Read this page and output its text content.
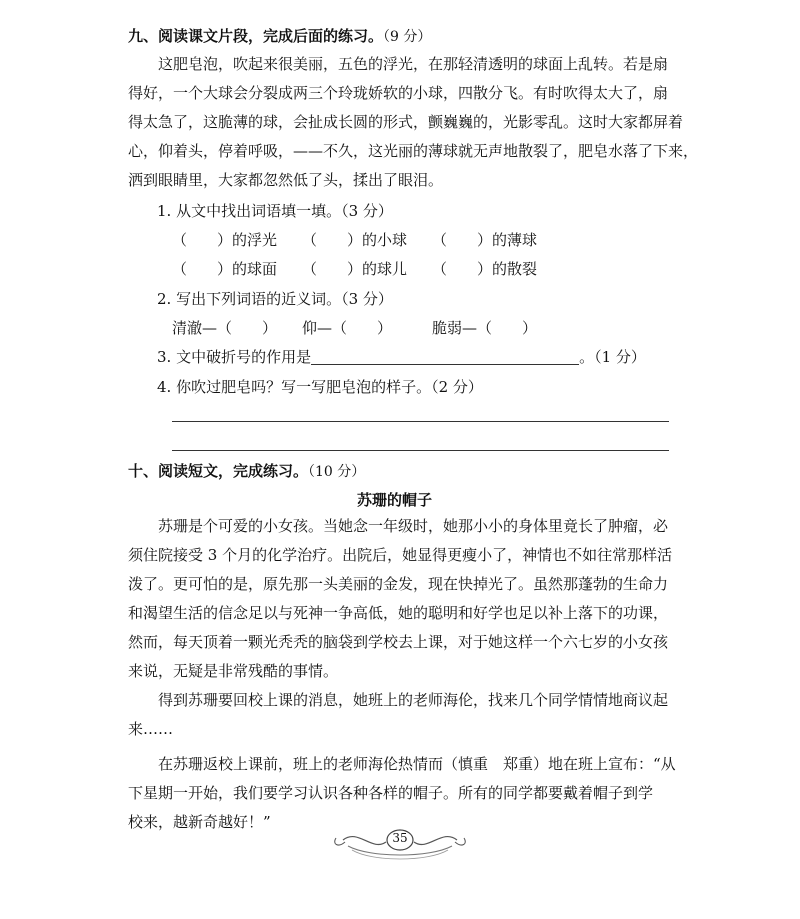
九、阅读课文片段，完成后面的练习。（9 分）
这肥皂泡，吹起来很美丽，五色的浮光，在那轻清透明的球面上乱转。若是扇
得好，一个大球会分裂成两三个玲珑娇软的小球，四散分飞。有时吹得太大了，扇
得太急了，这脆薄的球，会扯成长圆的形式，颤巍巍的，光影零乱。这时大家都屏着
心，仰着头，停着呼吸，——不久，这光丽的薄球就无声地散裂了，肥皂水落了下来，
洒到眼睛里，大家都忽然低了头，揉出了眼泪。
1. 从文中找出词语填一填。（3 分）
（　　）的浮光 （　　）的小球 （　　）的薄球
（　　）的球面 （　　）的球儿 （　　）的散裂
2. 写出下列词语的近义词。（3 分）
清澈—（　　） 仰—（　　）	脆弱—（　　）
3. 文中破折号的作用是	。（1 分）
4. 你吹过肥皂吗？写一写肥皂泡的样子。（2 分）
十、阅读短文，完成练习。（10 分）
苏珊的帽子
苏珊是个可爱的小女孩。当她念一年级时，她那小小的身体里竟长了肿瘤，必
须住院接受 3 个月的化学治疗。出院后，她显得更瘦小了，神情也不如往常那样活
泼了。更可怕的是，原先那一头美丽的金发，现在快掉光了。虽然那蓬勃的生命力
和渴望生活的信念足以与死神一争高低，她的聪明和好学也足以补上落下的功课，
然而，每天顶着一颗光秃秃的脑袋到学校去上课，对于她这样一个六七岁的小女孩
来说，无疑是非常残酷的事情。
得到苏珊要回校上课的消息，她班上的老师海伦，找来几个同学情情地商议起
来……
在苏珊返校上课前，班上的老师海伦热情而（慎重　郑重）地在班上宣布：“从
下星期一开始，我们要学习认识各种各样的帽子。所有的同学都要戴着帽子到学
校来，越新奇越好！”
35
